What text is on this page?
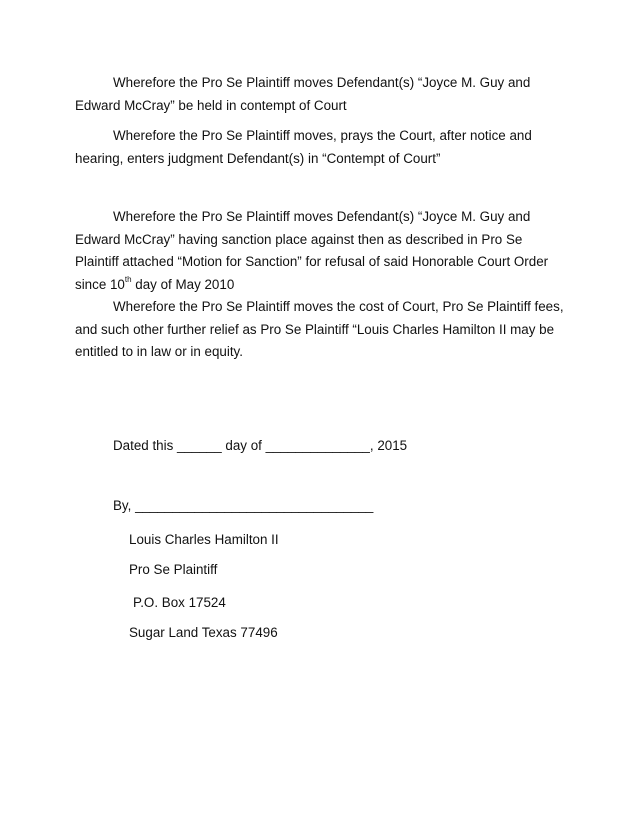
Wherefore the Pro Se Plaintiff moves Defendant(s) “Joyce M. Guy and Edward McCray” be held in contempt of Court

Wherefore the Pro Se Plaintiff moves, prays the Court, after notice and hearing, enters judgment Defendant(s) in “Contempt of Court”

Wherefore the Pro Se Plaintiff moves Defendant(s) “Joyce M. Guy and Edward McCray” having sanction place against then as described in Pro Se Plaintiff attached “Motion for Sanction” for refusal of said Honorable Court Order since 10th day of May 2010

Wherefore the Pro Se Plaintiff moves the cost of Court, Pro Se Plaintiff fees, and such other further relief as Pro Se Plaintiff “Louis Charles Hamilton II may be entitled to in law or in equity.

Dated this ______ day of ______________, 2015

By, ________________________________

Louis Charles Hamilton II

Pro Se Plaintiff

P.O. Box 17524

Sugar Land Texas 77496
